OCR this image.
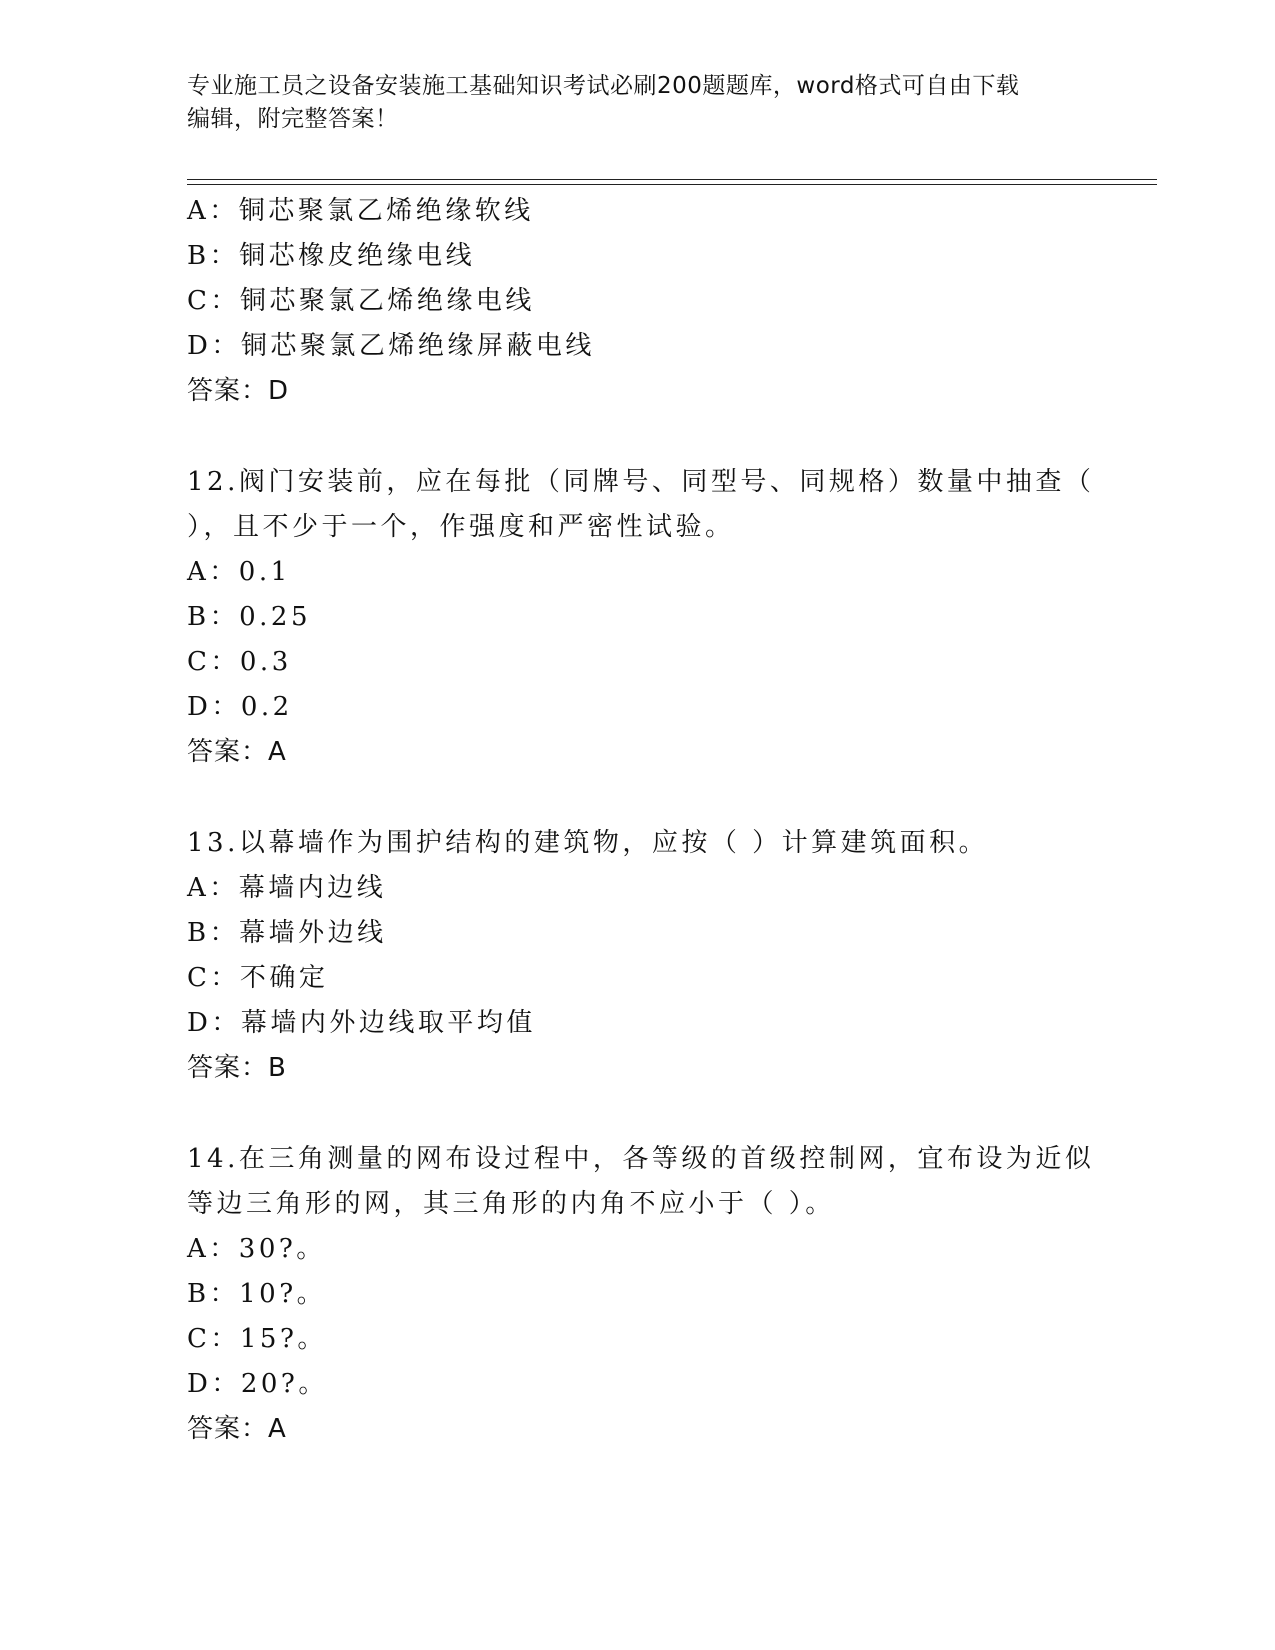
专业施工员之设备安装施工基础知识考试必刷200题题库，word格式可自由下载
编辑，附完整答案！
A：铜芯聚氯乙烯绝缘软线
B：铜芯橡皮绝缘电线
C：铜芯聚氯乙烯绝缘电线
D：铜芯聚氯乙烯绝缘屏蔽电线
答案：D
12.阀门安装前，应在每批（同牌号、同型号、同规格）数量中抽查（
），且不少于一个，作强度和严密性试验。
A：0.1
B：0.25
C：0.3
D：0.2
答案：A
13.以幕墙作为围护结构的建筑物，应按（ ）计算建筑面积。
A：幕墙内边线
B：幕墙外边线
C：不确定
D：幕墙内外边线取平均值
答案：B
14.在三角测量的网布设过程中，各等级的首级控制网，宜布设为近似
等边三角形的网，其三角形的内角不应小于（ ）。
A：30?。
B：10?。
C：15?。
D：20?。
答案：A
